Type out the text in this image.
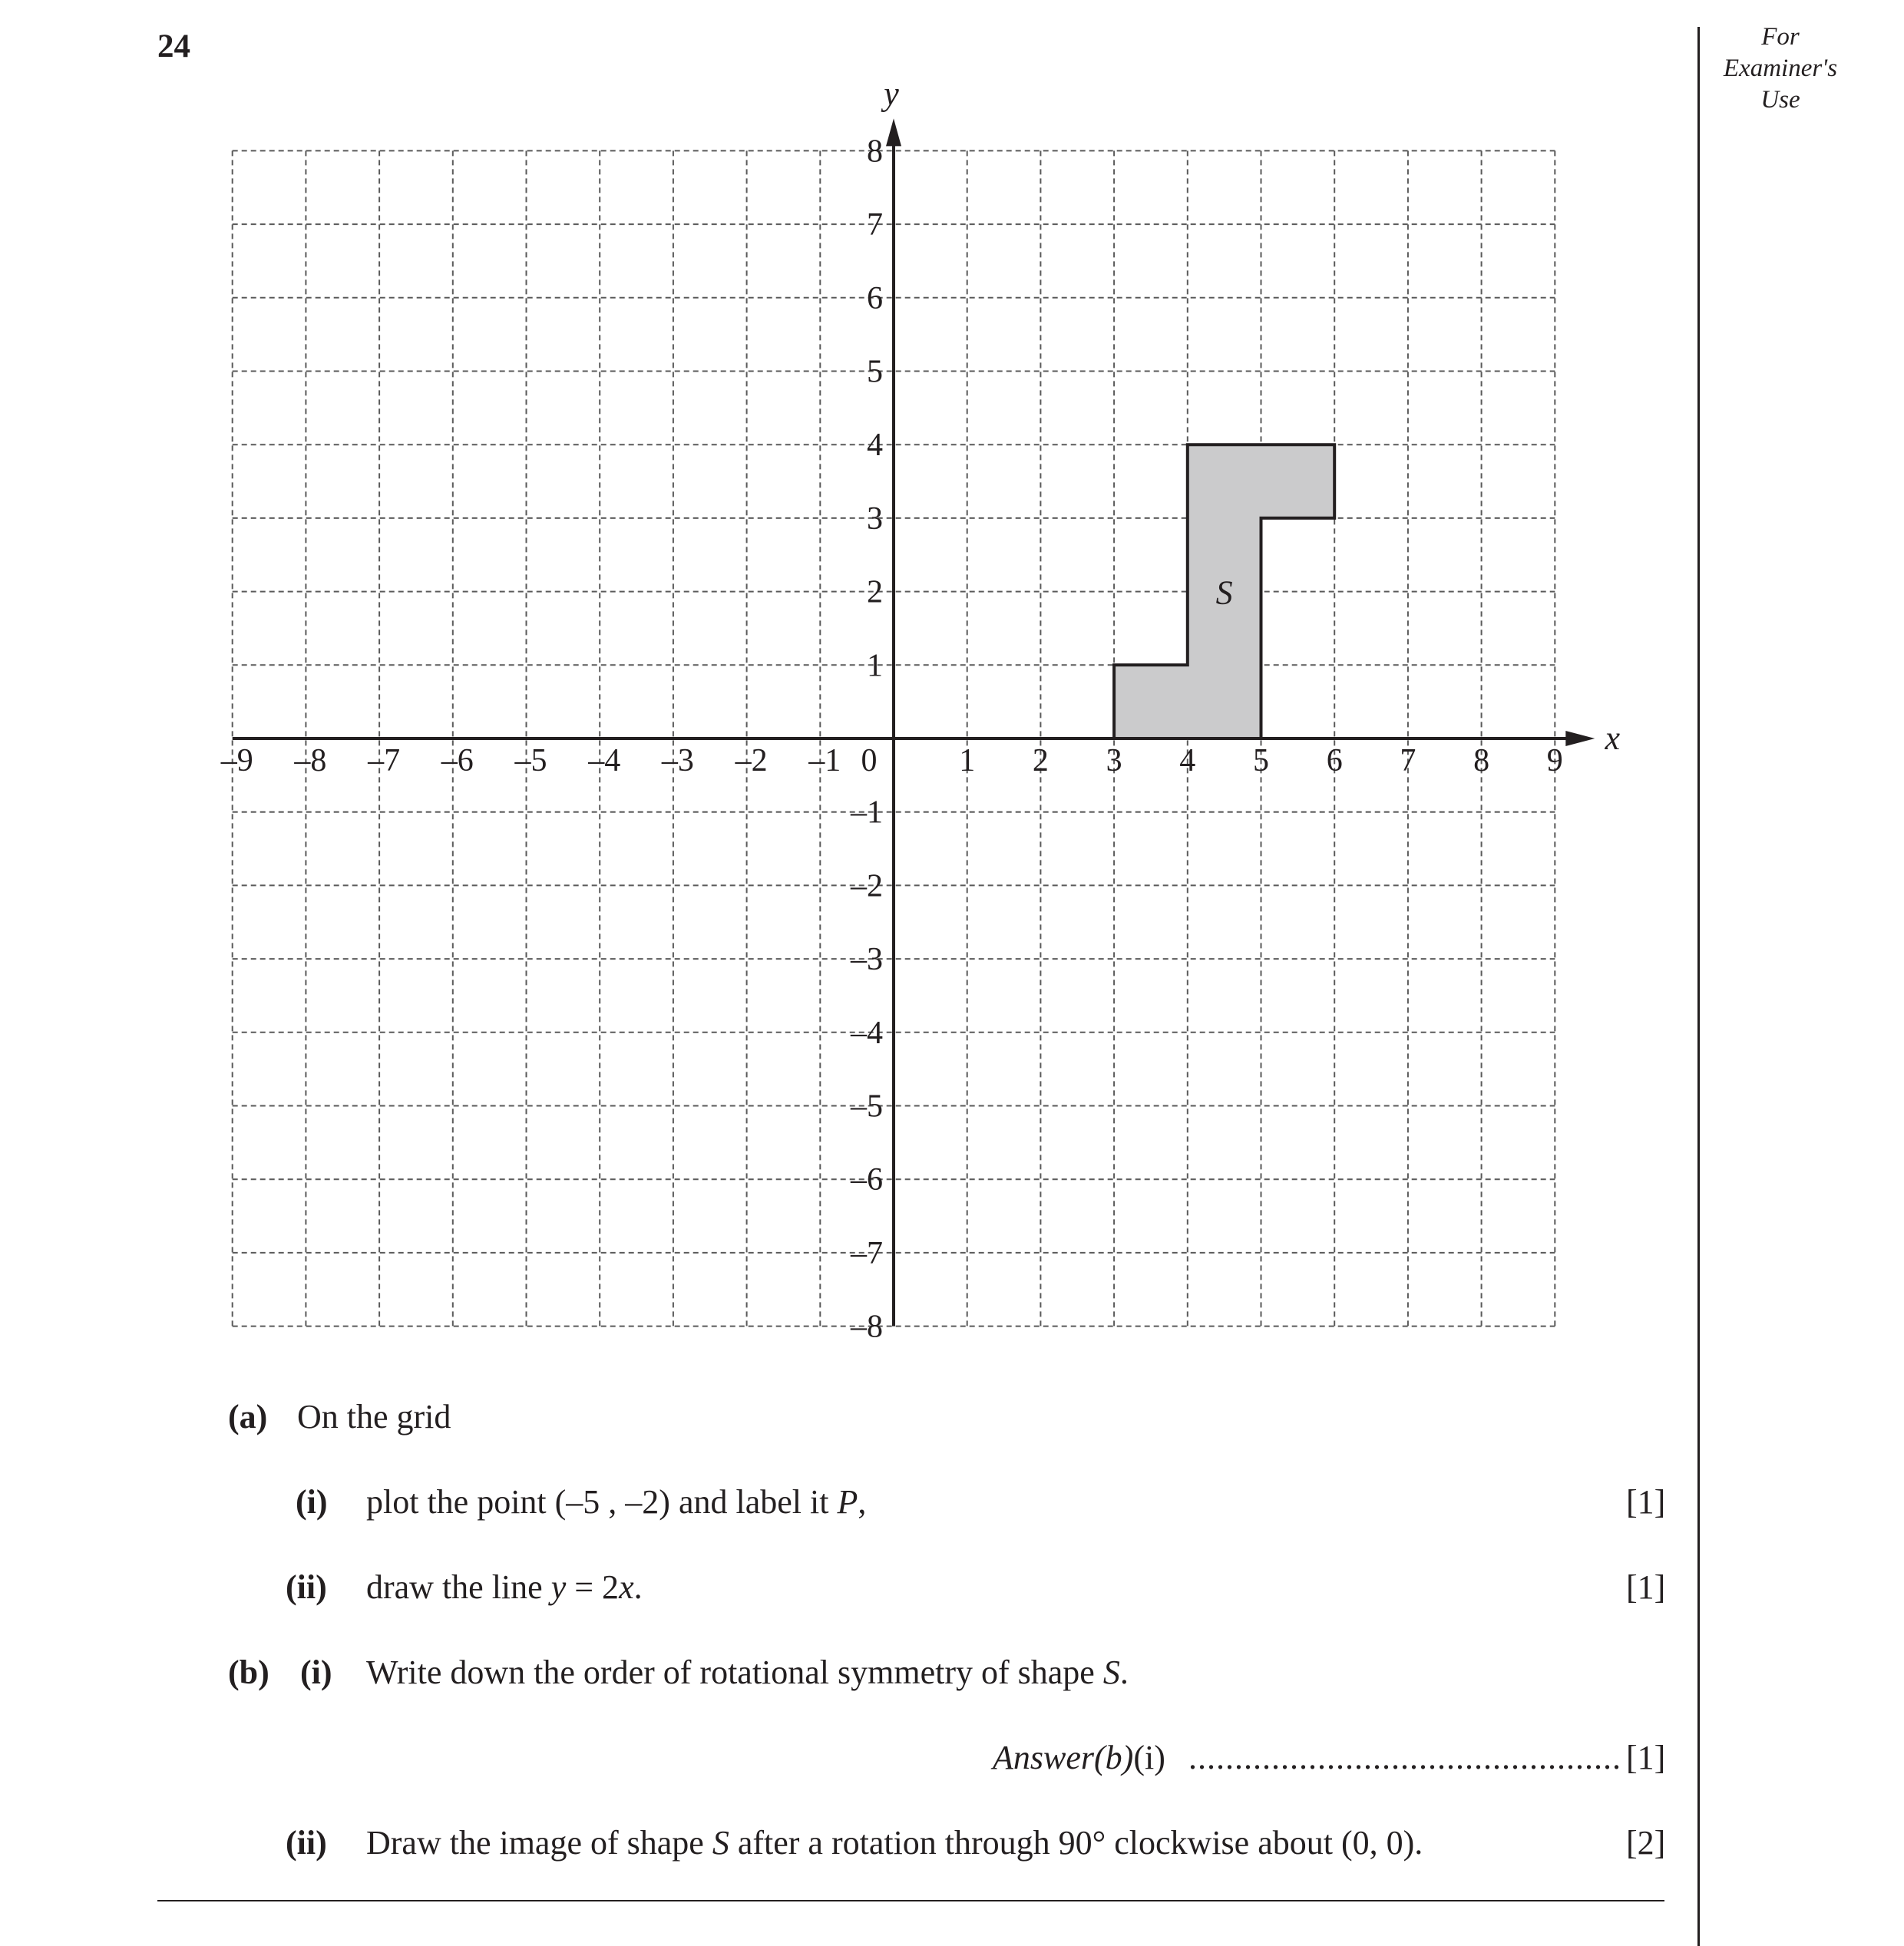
24	For
Examiner's
Use
S
x
y
–9 –8 –7 –6 –5 –4 –3 –2 –1 0	1 2 3 4 5 6 7 8 9
1
2
3
4
5
6
7
8
–1
–2
–3
–4
–5
–6
–7
–8
(a) On the grid
(i) plot the point (–5 , –2) and label it P,	[1]
(ii) draw the line y = 2x.	[1]
(b) (i) Write down the order of rotational symmetry of shape S.
Answer(b)(i) ............................................... [1]
(ii) Draw the image of shape S after a rotation through 90° clockwise about (0, 0).	[2]
